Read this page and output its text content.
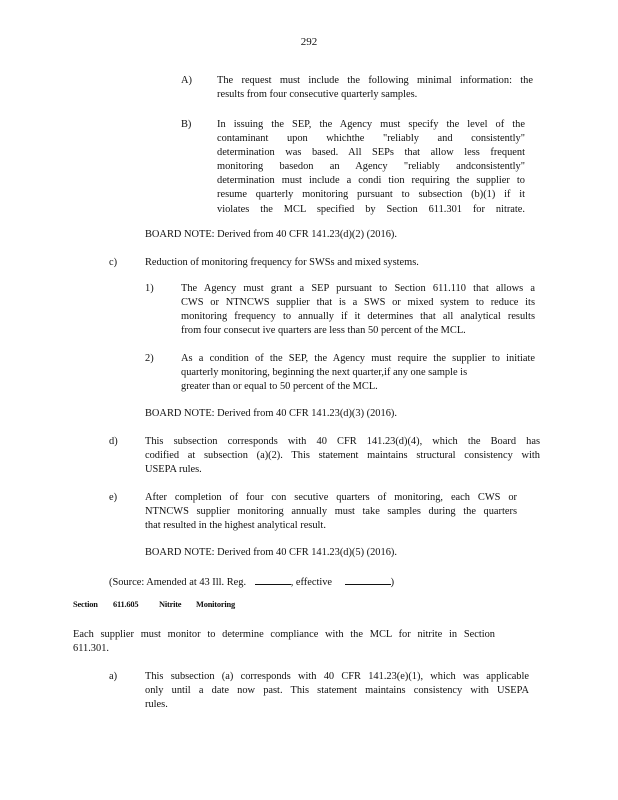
292
A) The request must include the following minimal information: the
results from four consecutive quarterly samples.
B) In issuing the SEP, the Agency must specify the level of the
contaminant upon whichthe "reliably and consistently"
determination was based. All SEPs that allow less frequent
monitoring basedon an Agency "reliably andconsistently"
determination must include a condi tion requiring the supplier to
resume quarterly monitoring pursuant to subsection (b)(1) if it
violates the MCL specified by Section 611.301 for nitrate.
BOARD NOTE: Derived from 40 CFR 141.23(d)(2) (2016).
c)	Reduction of monitoring frequency for SWSs and mixed systems.
1)	The Agency must grant a SEP pursuant to Section 611.110 that allows a
CWS or NTNCWS supplier that is a SWS or mixed system to reduce its
monitoring frequency to annually if it determines that all analytical results
from four consecut ive quarters are less than 50 percent of the MCL.
2)	As a condition of the SEP, the Agency must require the supplier to initiate
quarterly monitoring, beginning the next quarter,if any one sample is
greater than or equal to 50 percent of the MCL.
BOARD NOTE: Derived from 40 CFR 141.23(d)(3) (2016).
d)	This subsection corresponds with 40 CFR 141.23(d)(4), which the Board has
codified at subsection (a)(2). This statement maintains structural consistency with
USEPA rules.
e)	After completion of four con secutive quarters of monitoring, each CWS or
NTNCWS supplier monitoring annually must take samples during the quarters
that resulted in the highest analytical result.
BOARD NOTE: Derived from 40 CFR 141.23(d)(5) (2016).
(Source: Amended at 43 Ill. Reg.	, effective	)
Section 611.605 Nitrite Monitoring
Each supplier must monitor to determine compliance with the MCL for nitrite in Section
611.301.
a)	This subsection (a) corresponds with 40 CFR 141.23(e)(1), which was applicable
only until a date now past. This statement maintains consistency with USEPA
rules.
